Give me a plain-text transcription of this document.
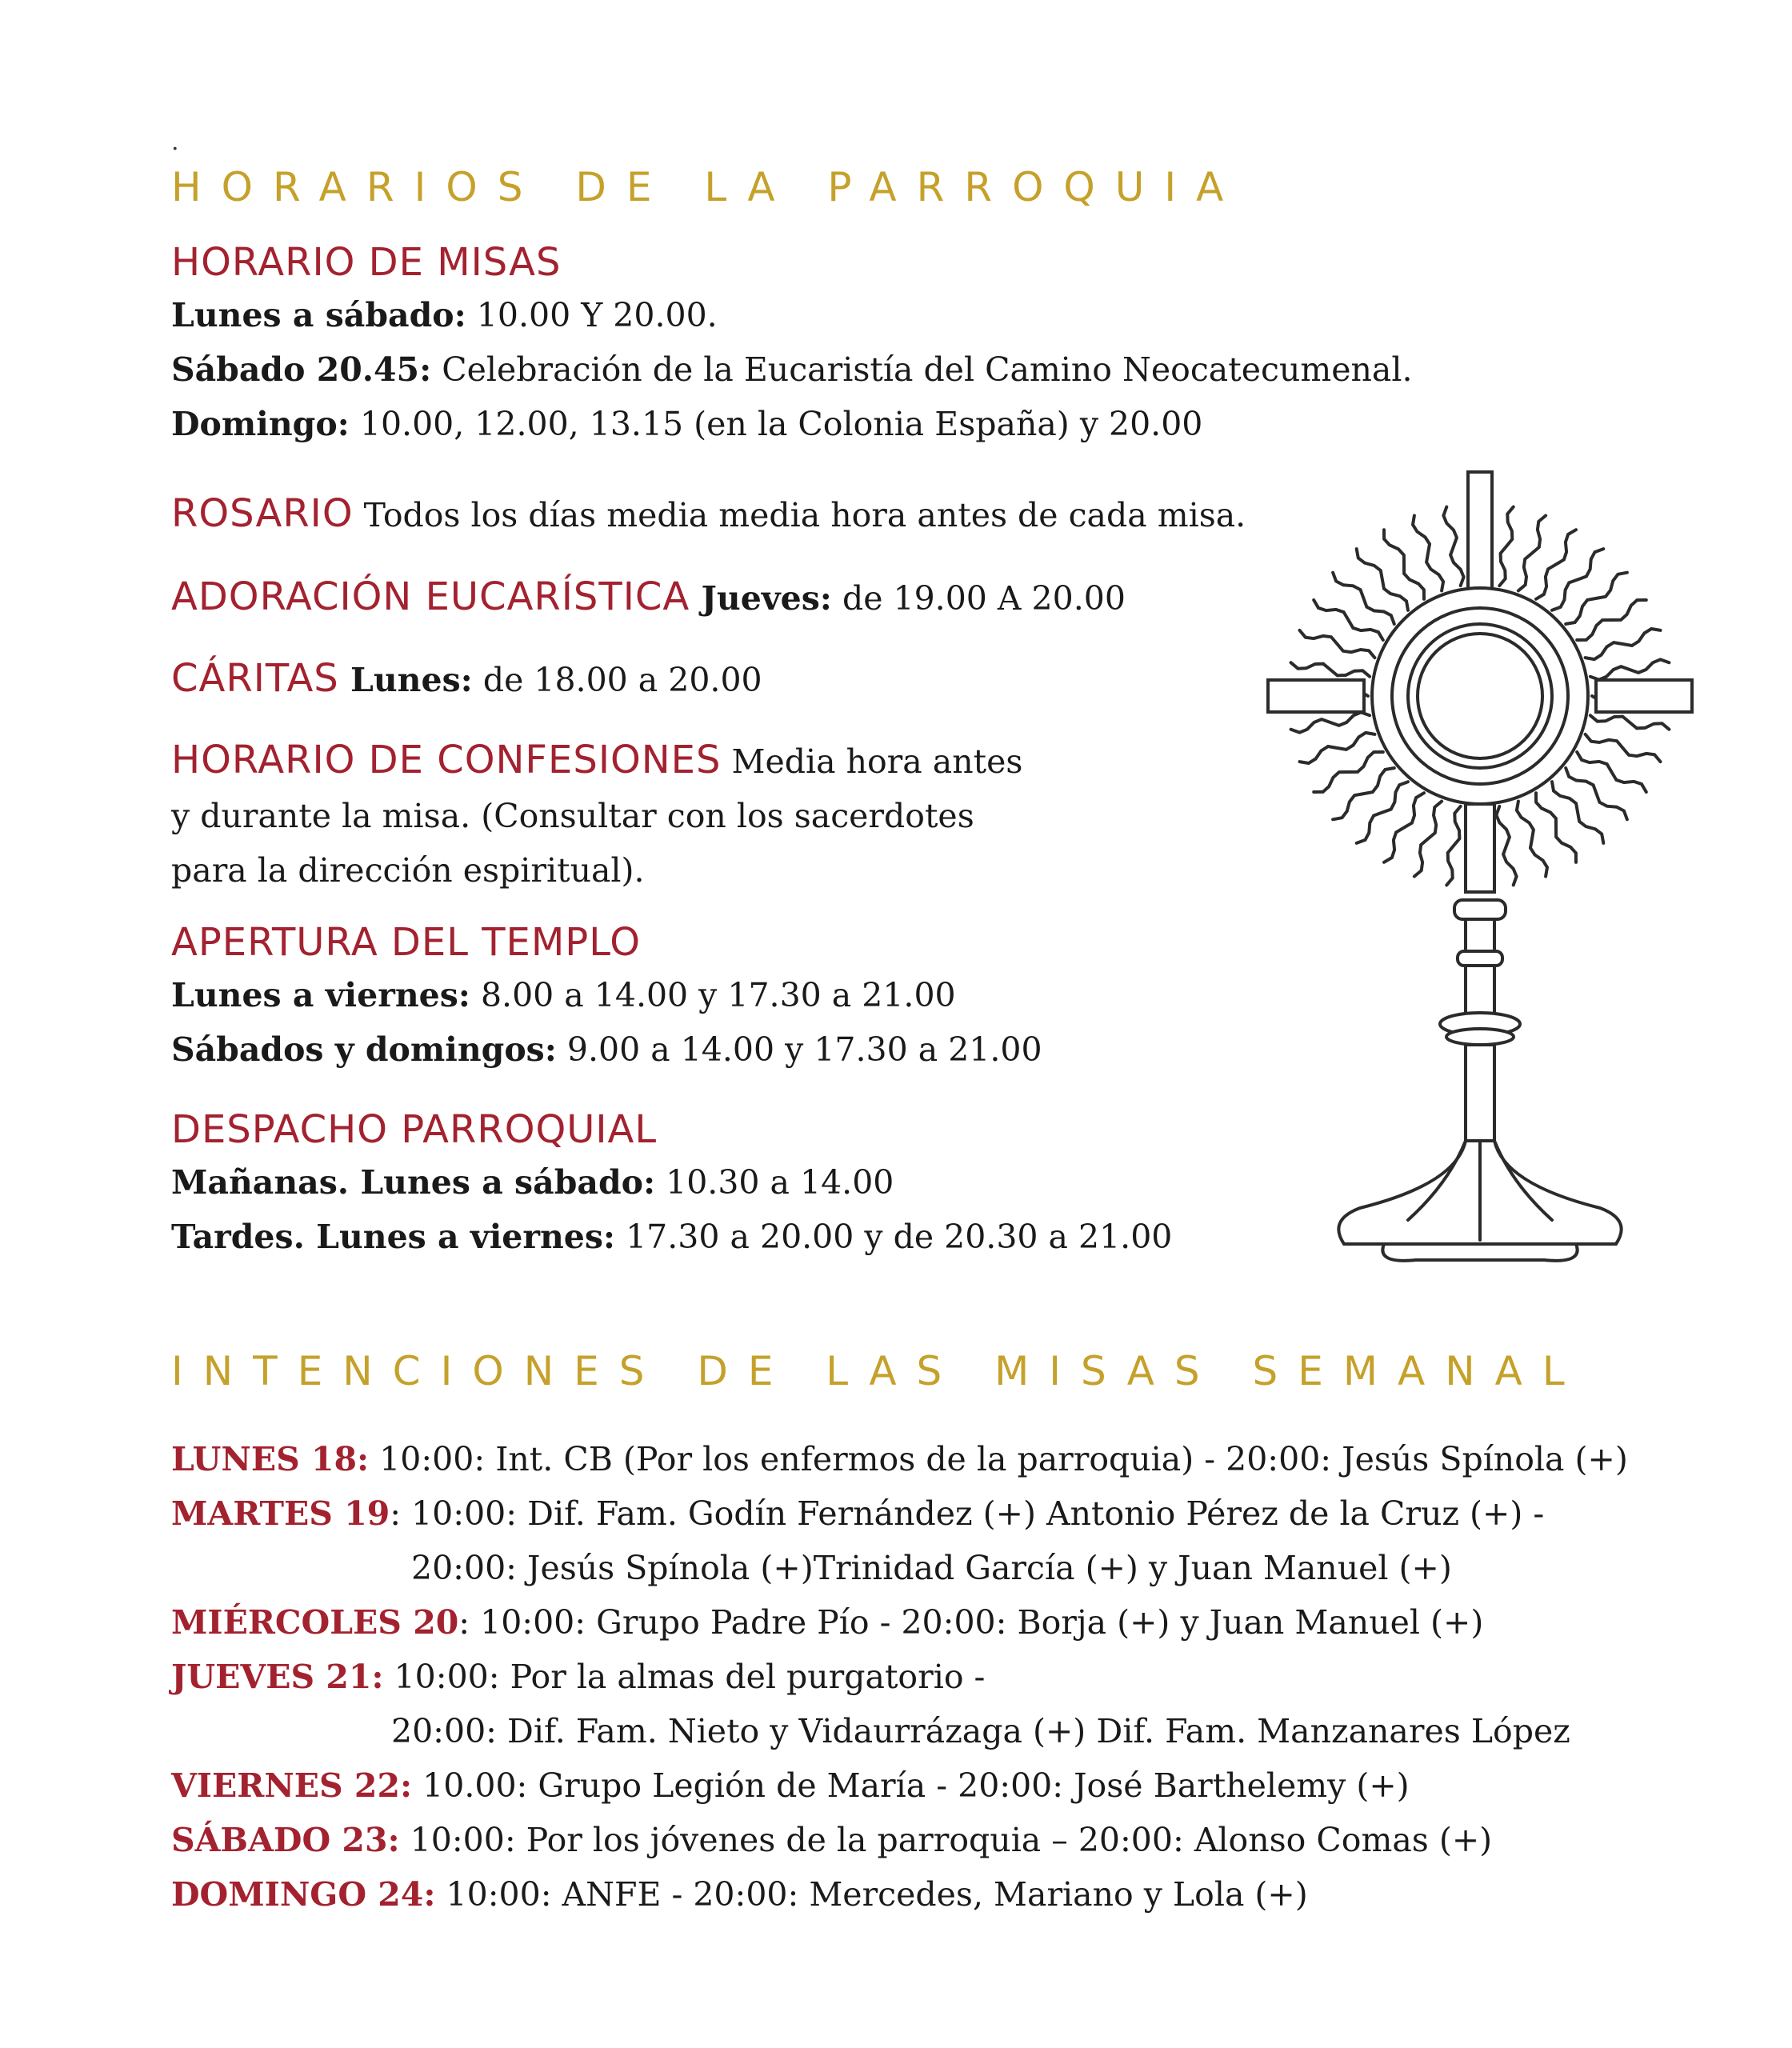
.
HORARIOS DE LA PARROQUIA
HORARIO DE MISAS
Lunes a sábado: 10.00 Y 20.00.
Sábado 20.45: Celebración de la Eucaristía del Camino Neocatecumenal.
Domingo: 10.00, 12.00, 13.15 (en la Colonia España) y 20.00
ROSARIO Todos los días media media hora antes de cada misa.
ADORACIÓN EUCARÍSTICA Jueves: de 19.00 A 20.00
CÁRITAS Lunes: de 18.00 a 20.00
HORARIO DE CONFESIONES Media hora antes
y durante la misa. (Consultar con los sacerdotes
para la dirección espiritual).
APERTURA DEL TEMPLO
Lunes a viernes: 8.00 a 14.00 y 17.30 a 21.00
Sábados y domingos: 9.00 a 14.00 y 17.30 a 21.00
DESPACHO PARROQUIAL
Mañanas. Lunes a sábado: 10.30 a 14.00
Tardes. Lunes a viernes: 17.30 a 20.00 y de 20.30 a 21.00
INTENCIONES DE LAS MISAS SEMANAL
LUNES 18: 10:00: Int. CB (Por los enfermos de la parroquia) - 20:00: Jesús Spínola (+)
MARTES 19: 10:00: Dif. Fam. Godín Fernández (+) Antonio Pérez de la Cruz (+) -
20:00: Jesús Spínola (+)Trinidad García (+) y Juan Manuel (+)
MIÉRCOLES 20: 10:00: Grupo Padre Pío - 20:00: Borja (+) y Juan Manuel (+)
JUEVES 21: 10:00: Por la almas del purgatorio -
20:00: Dif. Fam. Nieto y Vidaurrázaga (+) Dif. Fam. Manzanares López
VIERNES 22: 10.00: Grupo Legión de María - 20:00: José Barthelemy (+)
SÁBADO 23: 10:00: Por los jóvenes de la parroquia – 20:00: Alonso Comas (+)
DOMINGO 24: 10:00: ANFE - 20:00: Mercedes, Mariano y Lola (+)
